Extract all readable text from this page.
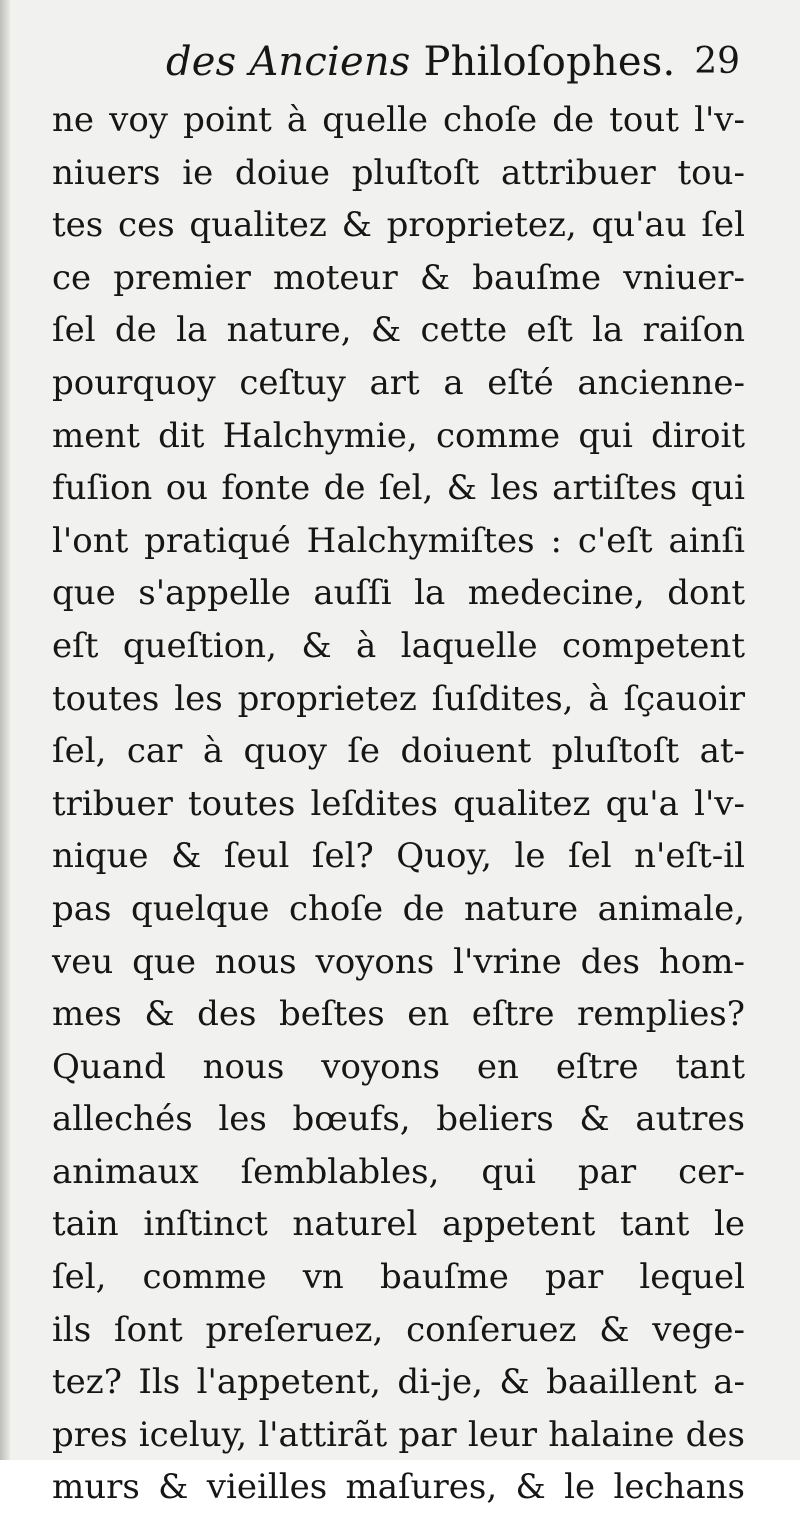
des Anciens Philoſophes. 29
ne voy point à quelle choſe de tout l'v-
niuers ie doiue pluſtoſt attribuer tou-
tes ces qualitez & proprietez, qu'au ſel
ce premier moteur & bauſme vniuer-
ſel de la nature, & cette eſt la raiſon
pourquoy ceſtuy art a eſté ancienne-
ment dit Halchymie, comme qui diroit
fuſion ou fonte de ſel, & les artiſtes qui
l'ont pratiqué Halchymiſtes : c'eſt ainſi
que s'appelle auſſi la medecine, dont
eſt queſtion, & à laquelle competent
toutes les proprietez ſuſdites, à ſçauoir
ſel, car à quoy ſe doiuent pluſtoſt at-
tribuer toutes leſdites qualitez qu'a l'v-
nique & ſeul ſel? Quoy, le ſel n'eſt-il
pas quelque choſe de nature animale,
veu que nous voyons l'vrine des hom-
mes & des beſtes en eſtre remplies?
Quand nous voyons en eſtre tant
allechés les bœufs, beliers & autres
animaux ſemblables, qui par cer-
tain inſtinct naturel appetent tant le
ſel, comme vn bauſme par lequel
ils ſont preſeruez, conſeruez & vege-
tez? Ils l'appetent, di-je, & baaillent a-
pres iceluy, l'attirãt par leur halaine des
murs & vieilles maſures, & le lechans
